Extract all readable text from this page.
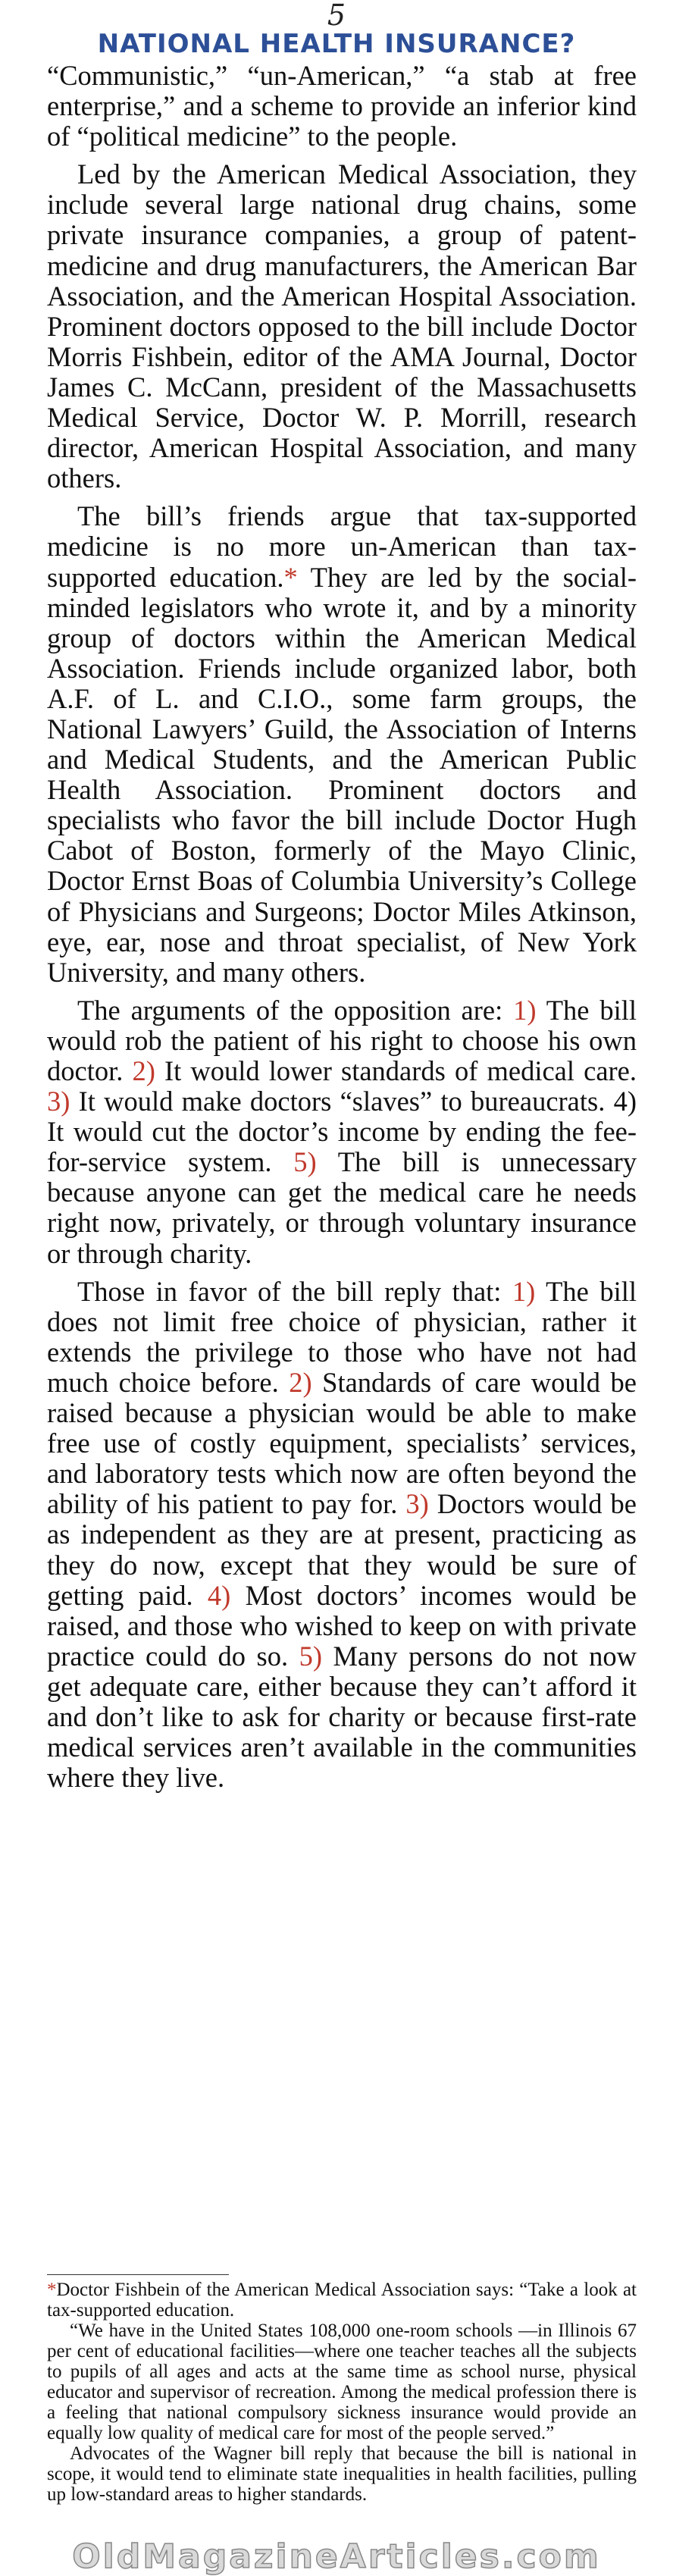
5
NATIONAL HEALTH INSURANCE?

“Communistic,” “un-American,” “a stab at free enterprise,” and a scheme to provide an inferior kind of “political medicine” to the people.

Led by the American Medical Association, they include several large national drug chains, some private insurance companies, a group of patent-medicine and drug manufacturers, the American Bar Association, and the American Hospital Association. Prominent doctors opposed to the bill include Doctor Morris Fishbein, editor of the AMA Journal, Doctor James C. McCann, president of the Massachusetts Medical Service, Doctor W. P. Morrill, research director, American Hospital Association, and many others.

The bill’s friends argue that tax-supported medicine is no more un-American than tax-supported education.* They are led by the social-minded legislators who wrote it, and by a minority group of doctors within the American Medical Association. Friends include organized labor, both A.F. of L. and C.I.O., some farm groups, the National Lawyers’ Guild, the Association of Interns and Medical Students, and the American Public Health Association. Prominent doctors and specialists who favor the bill include Doctor Hugh Cabot of Boston, formerly of the Mayo Clinic, Doctor Ernst Boas of Columbia University’s College of Physicians and Surgeons; Doctor Miles Atkinson, eye, ear, nose and throat specialist, of New York University, and many others.

The arguments of the opposition are: 1) The bill would rob the patient of his right to choose his own doctor. 2) It would lower standards of medical care. 3) It would make doctors “slaves” to bureaucrats. 4) It would cut the doctor’s income by ending the fee-for-service system. 5) The bill is unnecessary because anyone can get the medical care he needs right now, privately, or through voluntary insurance or through charity.

Those in favor of the bill reply that: 1) The bill does not limit free choice of physician, rather it extends the privilege to those who have not had much choice before. 2) Standards of care would be raised because a physician would be able to make free use of costly equipment, specialists’ services, and laboratory tests which now are often beyond the ability of his patient to pay for. 3) Doctors would be as independent as they are at present, practicing as they do now, except that they would be sure of getting paid. 4) Most doctors’ incomes would be raised, and those who wished to keep on with private practice could do so. 5) Many persons do not now get adequate care, either because they can’t afford it and don’t like to ask for charity or because first-rate medical services aren’t available in the communities where they live.

*Doctor Fishbein of the American Medical Association says: “Take a look at tax-supported education.

“We have in the United States 108,000 one-room schools —in Illinois 67 per cent of educational facilities—where one teacher teaches all the subjects to pupils of all ages and acts at the same time as school nurse, physical educator and supervisor of recreation. Among the medical profession there is a feeling that national compulsory sickness insurance would provide an equally low quality of medical care for most of the people served.”

Advocates of the Wagner bill reply that because the bill is national in scope, it would tend to eliminate state inequalities in health facilities, pulling up low-standard areas to higher standards.

OldMagazineArticles.com
